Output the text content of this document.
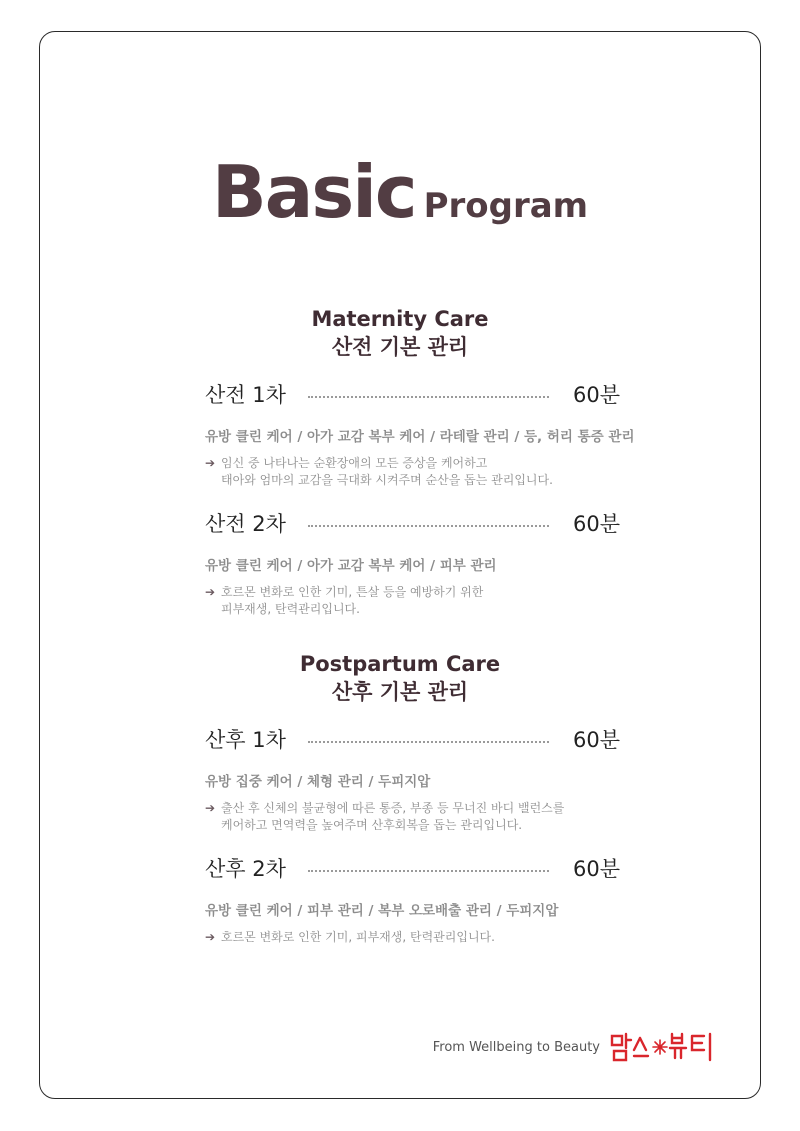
Basic Program
Maternity Care
산전 기본 관리
산전 1차	60분
유방 클린 케어 / 아가 교감 복부 케어 / 라테랄 관리 / 등, 허리 통증 관리
➔ 임신 중 나타나는 순환장애의 모든 증상을 케어하고
태아와 엄마의 교감을 극대화 시켜주며 순산을 돕는 관리입니다.
산전 2차	60분
유방 클린 케어 / 아가 교감 복부 케어 / 피부 관리
➔ 호르몬 변화로 인한 기미, 튼살 등을 예방하기 위한
피부재생, 탄력관리입니다.
Postpartum Care
산후 기본 관리
산후 1차	60분
유방 집중 케어 / 체형 관리 / 두피지압
➔ 출산 후 신체의 불균형에 따른 통증, 부종 등 무너진 바디 밸런스를
케어하고 면역력을 높여주며 산후회복을 돕는 관리입니다.
산후 2차	60분
유방 클린 케어 / 피부 관리 / 복부 오로배출 관리 / 두피지압
➔ 호르몬 변화로 인한 기미, 피부재생, 탄력관리입니다.
From Wellbeing to Beauty
